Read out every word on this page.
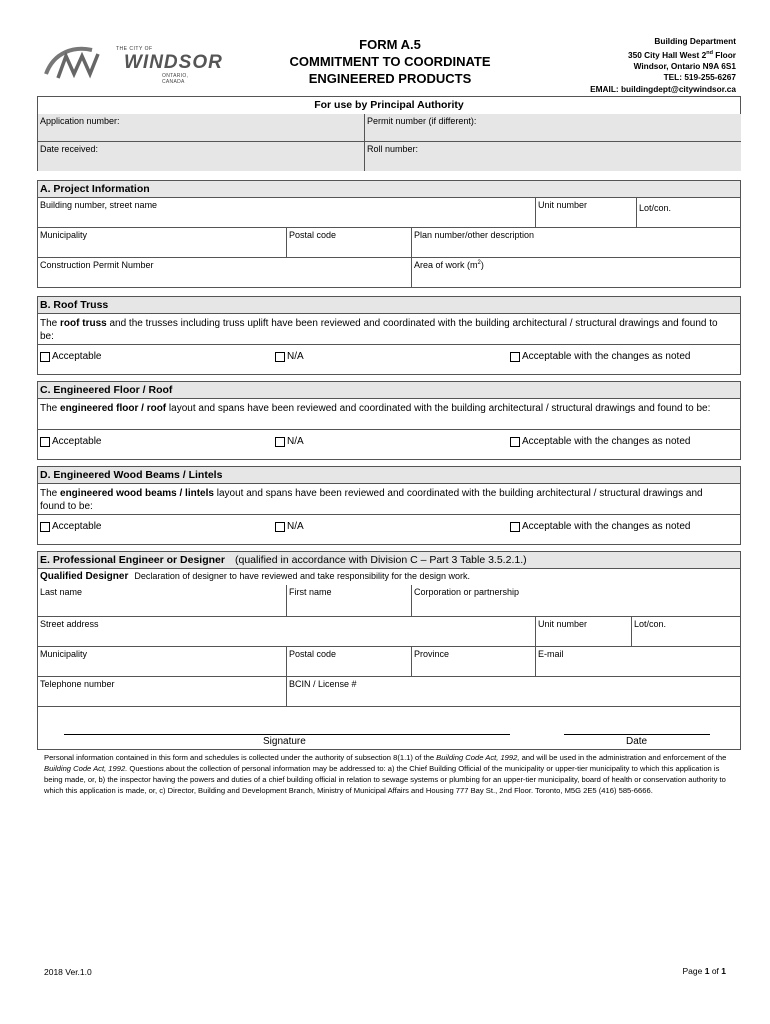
THE CITY OF
WINDSOR
ONTARIO, CANADA
FORM A.5
COMMITMENT TO COORDINATE
ENGINEERED PRODUCTS
Building Department
350 City Hall West 2nd Floor
Windsor, Ontario N9A 6S1
TEL: 519-255-6267
EMAIL: buildingdept@citywindsor.ca
For use by Principal Authority
Application number:	Permit number (if different):
Date received:	Roll number:
A. Project Information
Building number, street name	Unit number	Lot/con.
Municipality	Postal code	Plan number/other description
Construction Permit Number	Area of work $(m^2)$
B. Roof Truss
The roof truss and the trusses including truss uplift have been reviewed and coordinated with the building architectural / structural drawings and found to be:
Acceptable	N/A	Acceptable with the changes as noted
C. Engineered Floor / Roof
The engineered floor / roof layout and spans have been reviewed and coordinated with the building architectural / structural drawings and found to be:
Acceptable	N/A	Acceptable with the changes as noted
D. Engineered Wood Beams / Lintels
The engineered wood beams / lintels layout and spans have been reviewed and coordinated with the building architectural / structural drawings and found to be:
Acceptable	N/A	Acceptable with the changes as noted
E. Professional Engineer or Designer (qualified in accordance with Division C – Part 3 Table 3.5.2.1.)
Qualified Designer Declaration of designer to have reviewed and take responsibility for the design work.
Last name	First name	Corporation or partnership
Street address	Unit number	Lot/con.
Municipality	Postal code	Province	E-mail
Telephone number	BCIN / License #
Signature	Date
Personal information contained in this form and schedules is collected under the authority of subsection 8(1.1) of the Building Code Act, 1992, and will be used in the administration and enforcement of the Building Code Act, 1992. Questions about the collection of personal information may be addressed to: a) the Chief Building Official of the municipality or upper-tier municipality to which this application is being made, or, b) the inspector having the powers and duties of a chief building official in relation to sewage systems or plumbing for an upper-tier municipality, board of health or conservation authority to which this application is made, or, c) Director, Building and Development Branch, Ministry of Municipal Affairs and Housing 777 Bay St., 2nd Floor. Toronto, M5G 2E5 (416) 585-6666.
2018 Ver.1.0	Page 1 of 1
